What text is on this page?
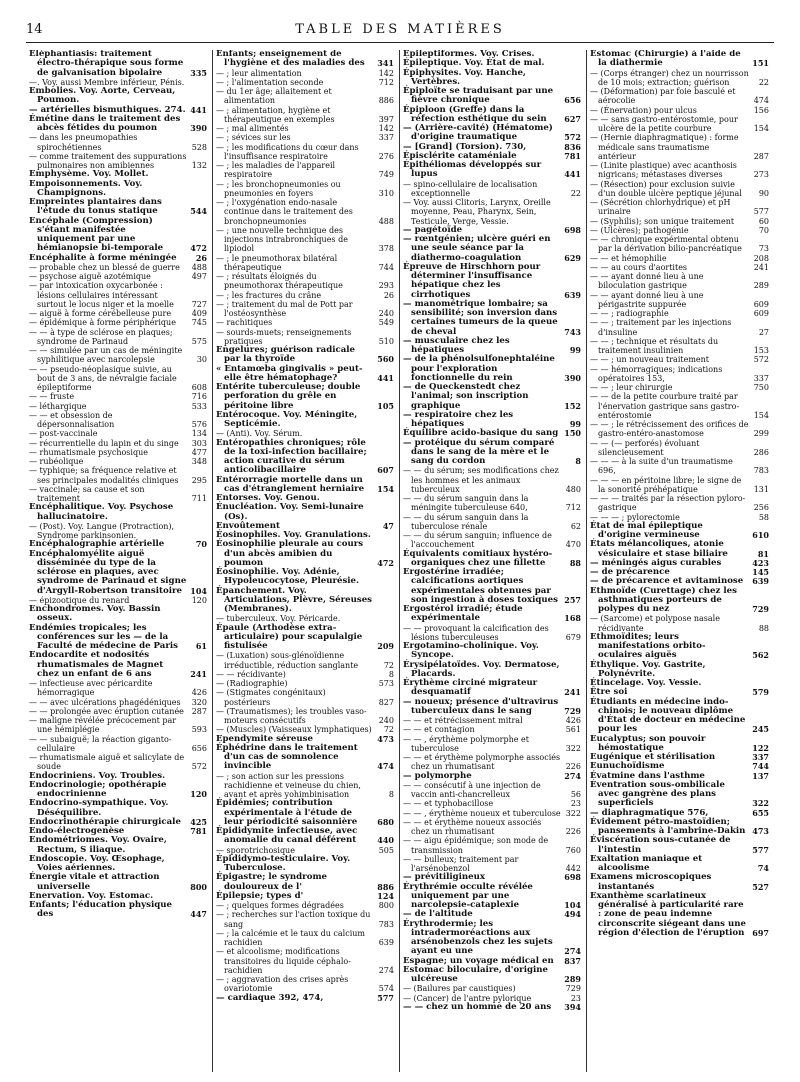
14	TABLE DES MATIÈRES
Éléphantiasis: traitement électro-thérapique sous forme de galvanisation bipolaire	335
—. Voy. aussi Membre inférieur, Pénis.
Embolies. Voy. Aorte, Cerveau, Poumon.
— artérielles bismuthiques. 274. 441
Émétine dans le traitement des abcès fétides du poumon	390
— dans les pneumopathies spirochétiennes	528
— comme traitement des suppurations pulmonaires non amibiennes	132
Emphysème. Voy. Mollet.
Empoisonnements. Voy. Champignons.
Empreintes plantaires dans l'étude du tonus statique	544
Encéphale (Compression) s'étant manifestée uniquement par une hémianopsie bi-temporale	472
Encéphalite à forme méningée	26
— probable chez un blessé de guerre	488
— psychose aiguë azotémique	497
— par intoxication oxycarbonée : lésions cellulaires intéressant surtout le locus niger et la moelle	727
— aiguë à forme cérébelleuse pure	409
— épidémique à forme périphérique	745
— — à type de sclérose en plaques; syndrome de Parinaud	575
— — simulée par un cas de méningite syphilitique avec narcolepsie	30
— — pseudo-néoplasique suivie, au bout de 3 ans, de névralgie faciale épileptiforme	608
— — fruste	716
— léthargique	533
— — et obsession de dépersonnalisation	576
— post-vaccinale	134
— récurrentielle du lapin et du singe	303
— rhumatismale psychosique	477
— rubéolique	348
— typhique; sa fréquence relative et ses principales modalités cliniques	295
— vaccinale; sa cause et son traitement	711
Encéphalitique. Voy. Psychose hallucinatoire.
— (Post). Voy. Langue (Protraction), Syndrome parkinsonien.
Encéphalographie artérielle	70
Encéphalomyélite aiguë disséminée du type de la sclérose en plaques, avec syndrome de Parinaud et signe d'Argyll-Robertson transitoire	104
— épizootique du renard	120
Enchondromes. Voy. Bassin osseux.
Endémies tropicales; les conférences sur les — de la Faculté de médecine de Paris	61
Endocardite et nodosités rhumatismales de Magnet chez un enfant de 6 ans	241
— infectieuse avec péricardite hémorragique	426
— — avec ulcérations phagédéniques	320
— — prolongée avec éruption cutanée 287
— maligne révélée précocement par une hémiplégie	593
— — subaiguë; la réaction giganto-cellulaire	656
— rhumatismale aiguë et salicylate de soude	572
Endocriniens. Voy. Troubles.
Endocrinologie; opothérapie endocrinienne	120
Endocrino-sympathique. Voy. Déséquilibre.
Endocrinothérapie chirurgicale	425
Endo-électrogenèse	781
Endométriomes. Voy. Ovaire, Rectum, S iliaque.
Endoscopie. Voy. Œsophage, Voies aériennes.
Énergie vitale et attraction universelle	800
Enervation. Voy. Estomac.
Enfants; l'éducation physique des	447
Enfants; enseignement de l'hygiène et des maladies des	341
— ; leur alimentation	142
— ; l'alimentation seconde	712
— du 1er âge; allaitement et alimentation	886
— ; alimentation, hygiène et thérapeutique en exemples	397
— ; mal alimentés	142
— ; sévices sur les	337
— ; les modifications du cœur dans l'insuffisance respiratoire	276
— ; les maladies de l'appareil respiratoire	749
— ; les bronchopneumonies ou pneumonies en foyers	310
— ; l'oxygénation endo-nasale continue dans le traitement des bronchopneumonies	488
— ; une nouvelle technique des injections intrabronchiques de lipiodol	378
— ; le pneumothorax bilatéral thérapeutique	744
— ; résultats éloignés du pneumothorax thérapeutique	293
— ; les fractures du crâne	26
— ; traitement du mal de Pott par l'ostéosynthèse	240
— rachitiques	549
— sourds-muets; renseignements pratiques	510
Engelures; guérison radicale par la thyroïde	560
« Entamœba gingivalis » peut-elle être hématophage?	441
Entérite tuberculeuse; double perforation du grêle en péritoine libre	105
Entérocoque. Voy. Méningite, Septicémie.
— (Anti). Voy. Sérum.
Entéropathies chroniques; rôle de la toxi-infection bacillaire; action curative du sérum anticolibacillaire	607
Entérorragie mortelle dans un cas d'étranglement herniaire	154
Entorses. Voy. Genou.
Énucléation. Voy. Semi-lunaire (Os).
Envoûtement	47
Éosinophiles. Voy. Granulations.
Éosinophilie pleurale au cours d'un abcès amibien du poumon	472
Éosinophilie. Voy. Adénie, Hypoleucocytose, Pleurésie.
Épanchement. Voy. Articulations, Plèvre, Séreuses (Membranes).
— tuberculeux. Voy. Péricarde.
Épaule (Arthodèse extra-articulaire) pour scapulalgie fistulisée	209
— (Luxation) sous-glénoïdienne irréductible, réduction sanglante	72
— — récidivante)	8
— (Radiographie)	573
— (Stigmates congénitaux) postérieurs	827
— (Traumatismes); les troubles vaso-moteurs consécutifs	240
— (Muscles) (Vaisseaux lymphatiques)	72
Ependymite séreuse	473
Éphédrine dans le traitement d'un cas de somnolence invincible	474
— ; son action sur les pressions rachidienne et veineuse du chien, avant et après yohimbinisation	8
Épidémies; contribution expérimentale à l'étude de leur périodicité saisonnière	680
Épididymite infectieuse, avec anomalie du canal déférent	440
— sporotrichosique	505
Épididymo-testiculaire. Voy. Tuberculose.
Épigastre; le syndrome douloureux de l'	886
Épilepsie; types d'	124
— ; quelques formes dégradées	800
— ; recherches sur l'action toxique du sang	783
— ; la calcémie et le taux du calcium rachidien	639
— et alcoolisme; modifications transitoires du liquide céphalo-rachidien	274
— ; aggravation des crises après ovariotomie	574
— cardiaque 392, 474,	577
Épileptiformes. Voy. Crises.
Épileptique. Voy. État de mal.
Épiphysites. Voy. Hanche, Vertèbres.
Épiploïte se traduisant par une fièvre chronique	656
Épiploon (Greffe) dans la réfection esthétique du sein	627
— (Arrière-cavité) (Hématome) d'origine traumatique	572
— [Grand] (Torsion). 730,	836
Épisclérite cataméniale	781
Épithéliomas développés sur lupus	441
— spino-cellulaire de localisation exceptionnelle	22
— Voy. aussi Clitoris, Larynx, Oreille moyenne, Peau, Pharynx, Sein, Testicule, Verge, Vessie.
— pagétoïde	698
— rœntgénien; ulcère guéri en une seule séance par la diathermo-coagulation	629
Épreuve de Hirschhorn pour déterminer l'insuffisance hépatique chez les cirrhotiques	639
— manométrique lombaire; sa sensibilité; son inversion dans certaines tumeurs de la queue de cheval	743
— musculaire chez les hépatiques	99
— de la phénolsulfonephtaléine pour l'exploration fonctionnelle du rein	390
— de Queckenstedt chez l'animal; son inscription graphique	152
— respiratoire chez les hépatiques	99
Équilibre acido-basique du sang 150
— protéique du sérum comparé dans le sang de la mère et le sang du cordon	8
— — du sérum; ses modifications chez les hommes et les animaux tuberculeux	480
— — du sérum sanguin dans la méningite tuberculeuse 640,	712
— — du sérum sanguin dans la tuberculose rénale	62
— — du sérum sanguin; influence de l'accouchement	470
Équivalents comitiaux hystéro-organiques chez une fillette	88
Ergostérine irradiée; calcifications aortiques expérimentales obtenues par son ingestion à doses toxiques 257
Ergostérol irradié; étude expérimentale	168
— — provoquant la calcification des lésions tuberculeuses	679
Ergotamino-cholinique. Voy. Syncope.
Érysipélatoïdes. Voy. Dermatose, Placards.
Érythème circiné migrateur desquamatif	241
— noueux; présence d'ultravirus tuberculeux dans le sang	729
— — et rétrécissement mitral	426
— — et contagion	561
— — , érythème polymorphe et tuberculose	322
— — et érythème polymorphe associés chez un rhumatisant	226
— polymorphe	274
— — consécutif à une injection de vaccin anti-chancrelleux	56
— — et typhobacillose	23
— — , érythème noueux et tuberculose 322
— — et érythème noueux associés chez un rhumatisant	226
— — aigu épidémique; son mode de transmission	760
— — bulleux; traitement par l'arsénobenzol	442
— prévitiligineux	698
Érythrémie occulte révélée uniquement par une narcolepsie-cataplexie	104
— de l'altitude	494
Érythrodermie; les intradermoréactions aux arsénobenzols chez les sujets ayant eu une	274
Espagne; un voyage médical en	837
Estomac biloculaire, d'origine ulcéreuse	289
— (Bailures par caustiques)	729
— (Cancer) de l'antre pylorique	23
— — chez un homme de 20 ans	394
Estomac (Chirurgie) à l'aide de la diathermie	151
— (Corps étranger) chez un nourrisson de 10 mois; extraction; guérison	22
— (Déformation) par foie basculé et aérocolie	474
— (Énervation) pour ulcus	156
— — sans gastro-entérostomie, pour ulcère de la petite courbure	154
— (Hernie diaphragmatique) : forme médicale sans traumatisme antérieur	287
— (Linite plastique) avec acanthosis nigricans; métastases diverses	273
— (Résection) pour exclusion suivie d'un double ulcère peptique jéjunal	90
— (Sécrétion chlorhydrique) et pH urinaire	577
— (Syphilis); son unique traitement	60
— (Ulcères); pathogénie	70
— — chronique expérimental obtenu par la dérivation bilio-pancréatique	73
— — et hémophilie	208
— — au cours d'aortites	241
— — ayant donné lieu à une biloculation gastrique	289
— — ayant donné lieu à une périgastrite suppurée	609
— — ; radiographie	609
— — ; traitement par les injections d'insuline	27
— — ; technique et résultats du traitement insulinien	153
— — ; un nouveau traitement	572
— — hémorragiques; indications opératoires 153,	337
— — ; leur chirurgie	750
— — de la petite courbure traité par l'énervation gastrique sans gastro-entérostomie	154
— — ; le rétrécissement des orifices de gastro-entéro-anastomose	299
— — (— perforés) évoluant silencieusement	286
— — — à la suite d'un traumatisme 696,	783
— — — en péritoine libre; le signe de la sonorité préhépatique	131
— — — traités par la résection pyloro-gastrique	256
— — — ; pylorectomie	58
État de mal épileptique d'origine vermineuse	610
États mélancoliques, atonie vésiculaire et stase biliaire	81
— méningés aigus curables	423
— de précarence	145
— de précarence et avitaminose	639
Ethmoïde (Curettage) chez les asthmatiques porteurs de polypes du nez	729
— (Sarcome) et polypose nasale récidivante	88
Ethmoïdites; leurs manifestations orbito-oculaires aiguës	562
Éthylique. Voy. Gastrite, Polynévrite.
Étincelage. Voy. Vessie.
Être soi	579
Étudiants en médecine indo-chinois; le nouveau diplôme d'État de docteur en médecine pour les	245
Eucalyptus; son pouvoir hémostatique	122
Eugénique et stérilisation	337
Eunuchoïdisme	744
Évatmine dans l'asthme	137
Éventration sous-ombilicale avec gangrène des plans superficiels	322
— diaphragmatique 576,	655
Évidement pétro-mastoïdien; pansements à l'ambrine-Dakin 473
Éviscération sous-cutanée de l'intestin	577
Exaltation maniaque et alcoolisme	74
Examens microscopiques instantanés	527
Exanthème scarlatineux généralisé à particularité rare : zone de peau indemne circonscrite siégeant dans une région d'élection de l'éruption 697
